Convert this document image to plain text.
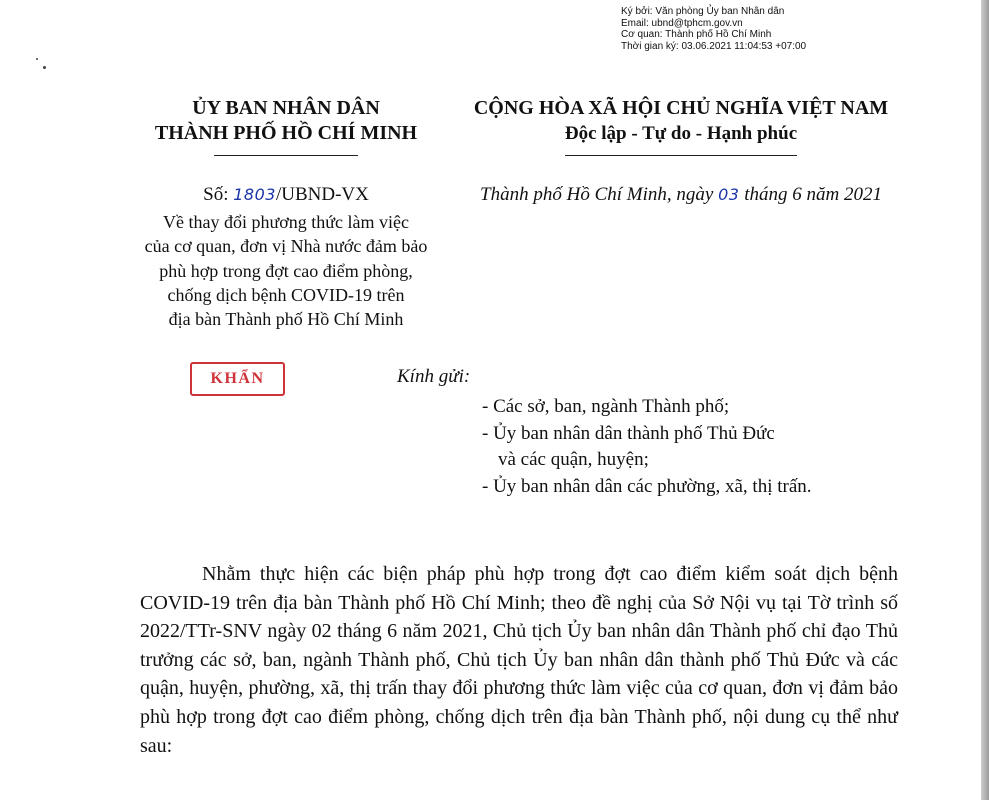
Ký bởi: Văn phòng Ủy ban Nhân dân
Email: ubnd@tphcm.gov.vn
Cơ quan: Thành phố Hồ Chí Minh
Thời gian ký: 03.06.2021 11:04:53 +07:00
ỦY BAN NHÂN DÂN
THÀNH PHỐ HỒ CHÍ MINH
CỘNG HÒA XÃ HỘI CHỦ NGHĨA VIỆT NAM
Độc lập - Tự do - Hạnh phúc
Số: 1803/UBND-VX	Thành phố Hồ Chí Minh, ngày 03 tháng 6 năm 2021
Về thay đổi phương thức làm việc
của cơ quan, đơn vị Nhà nước đảm bảo
phù hợp trong đợt cao điểm phòng,
chống dịch bệnh COVID-19 trên
địa bàn Thành phố Hồ Chí Minh
KHẨN	Kính gửi:
- Các sở, ban, ngành Thành phố;
- Ủy ban nhân dân thành phố Thủ Đức
và các quận, huyện;
- Ủy ban nhân dân các phường, xã, thị trấn.
Nhằm thực hiện các biện pháp phù hợp trong đợt cao điểm kiểm soát dịch bệnh COVID-19 trên địa bàn Thành phố Hồ Chí Minh; theo đề nghị của Sở Nội vụ tại Tờ trình số 2022/TTr-SNV ngày 02 tháng 6 năm 2021, Chủ tịch Ủy ban nhân dân Thành phố chỉ đạo Thủ trưởng các sở, ban, ngành Thành phố, Chủ tịch Ủy ban nhân dân thành phố Thủ Đức và các quận, huyện, phường, xã, thị trấn thay đổi phương thức làm việc của cơ quan, đơn vị đảm bảo phù hợp trong đợt cao điểm phòng, chống dịch trên địa bàn Thành phố, nội dung cụ thể như sau:
